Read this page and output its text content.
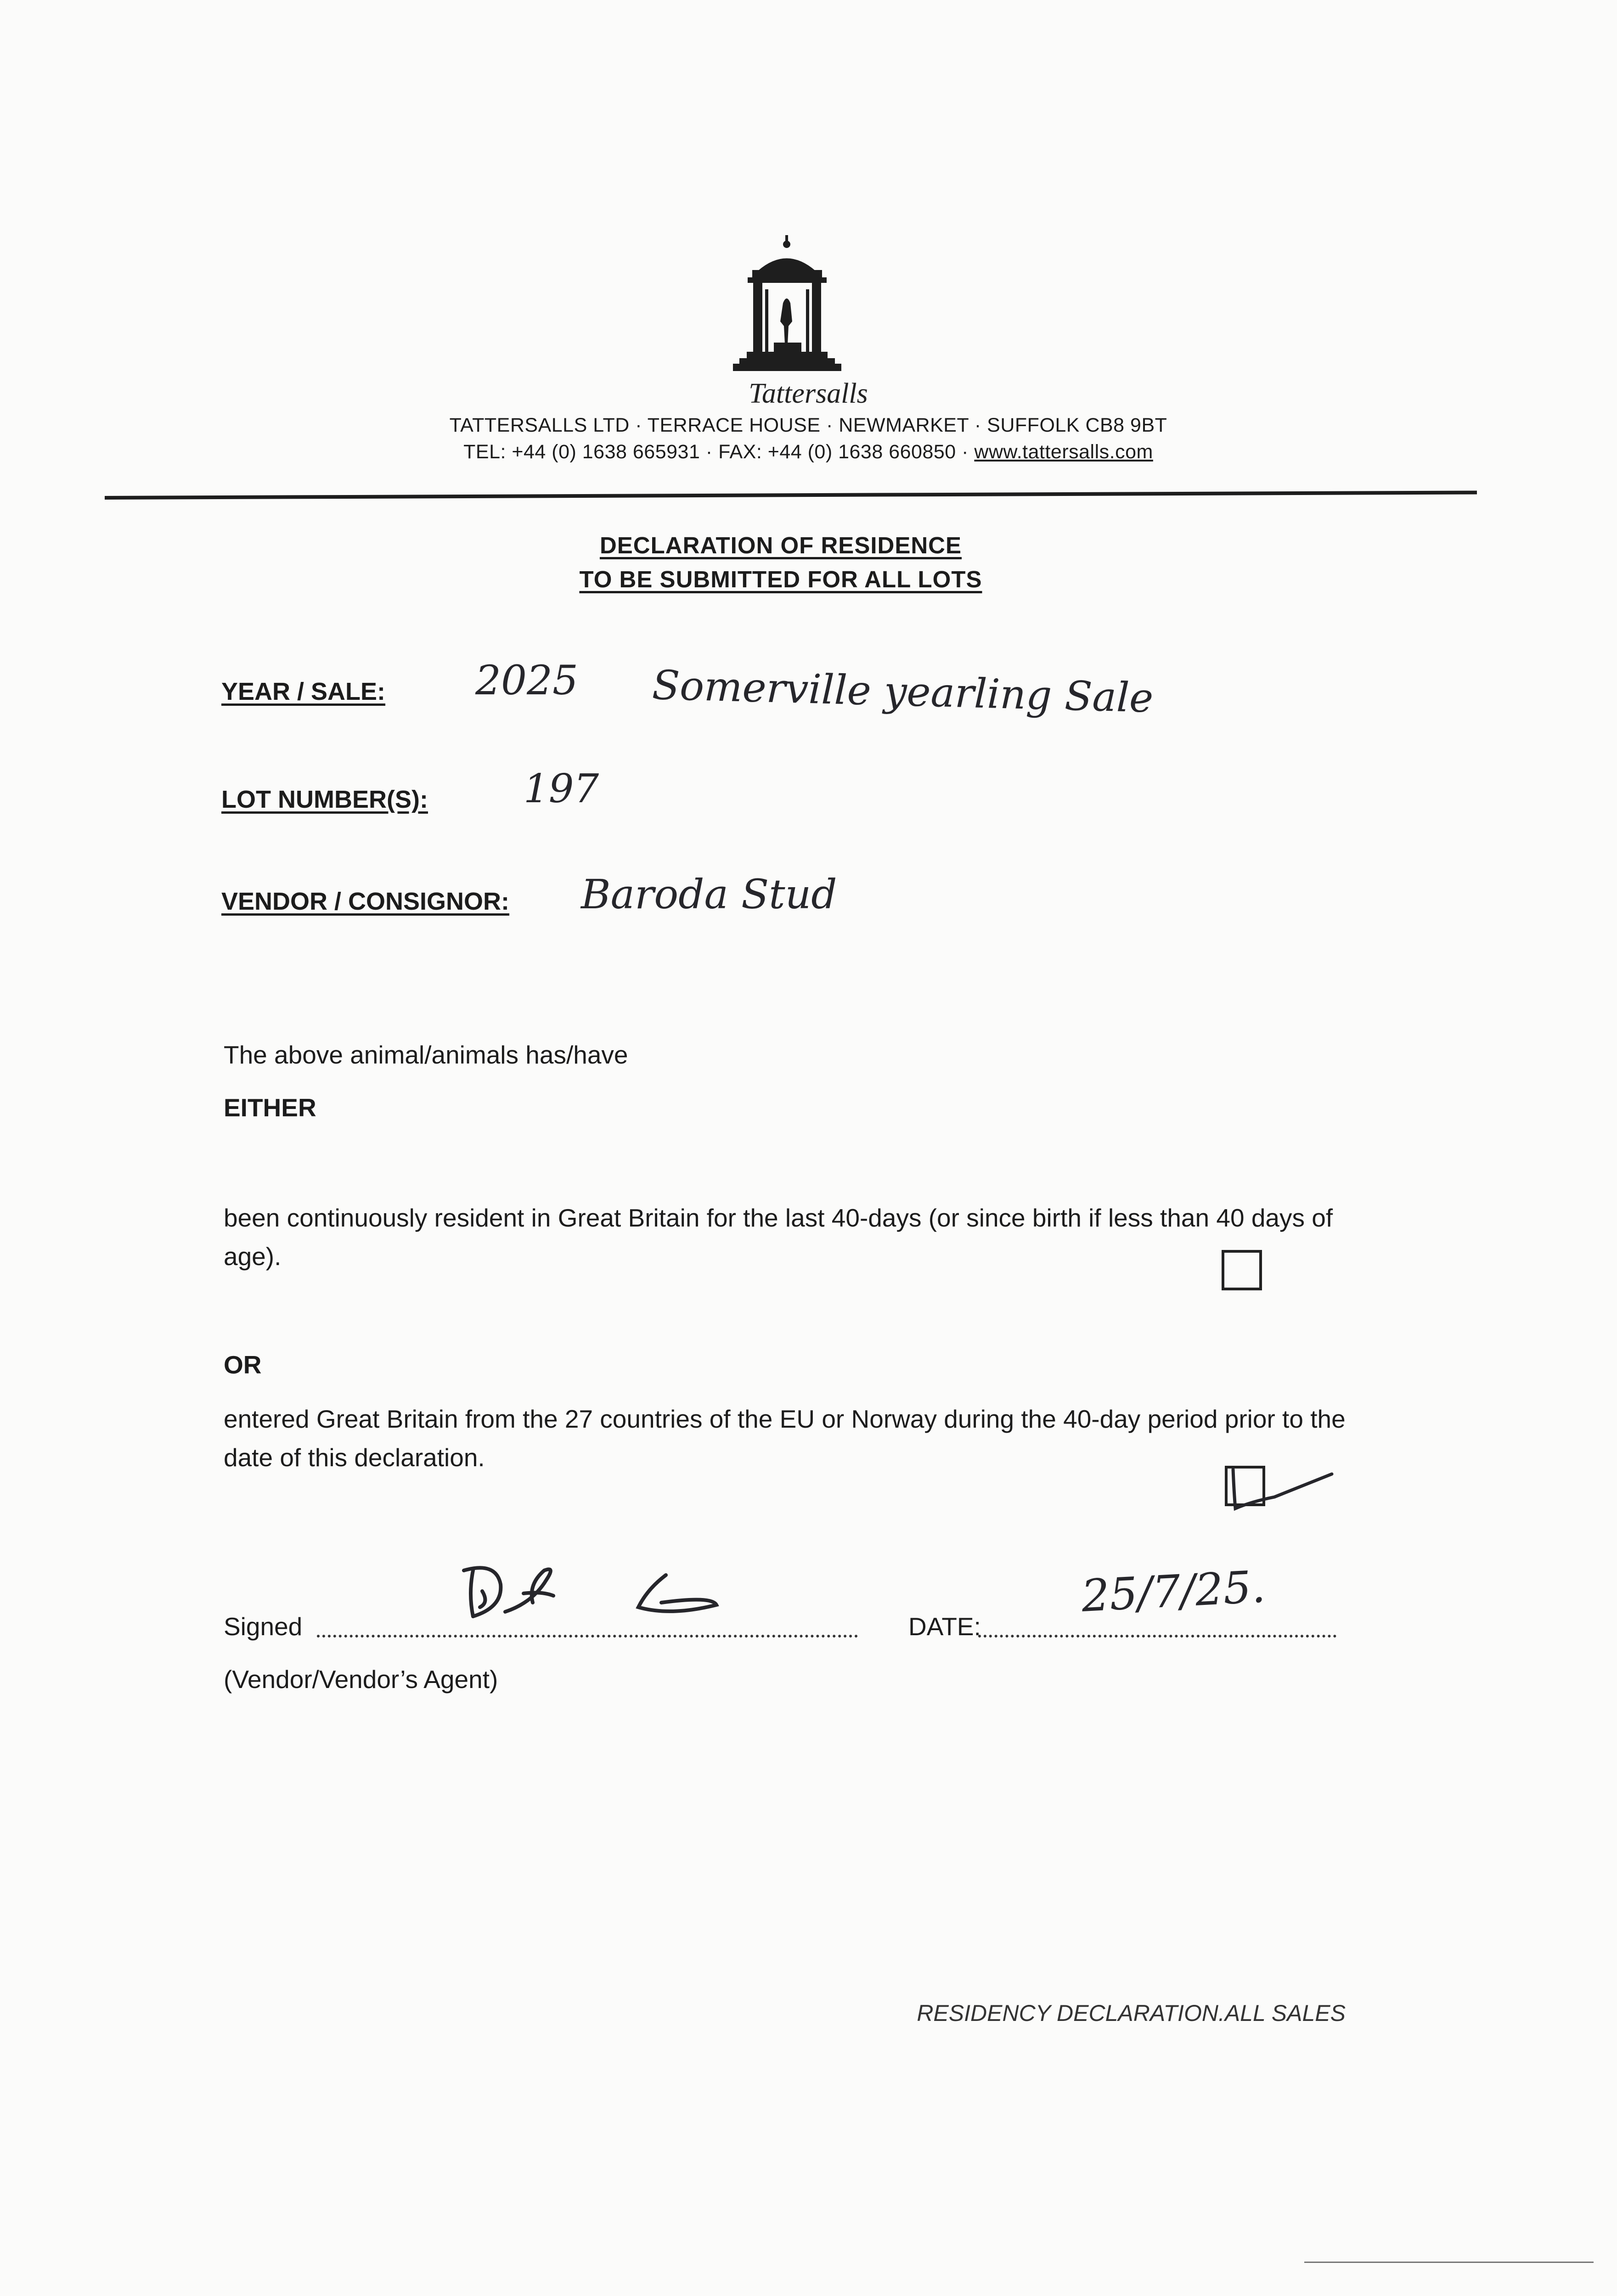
Tattersalls
TATTERSALLS LTD · TERRACE HOUSE · NEWMARKET · SUFFOLK CB8 9BT
TEL: +44 (0) 1638 665931 · FAX: +44 (0) 1638 660850 · www.tattersalls.com
DECLARATION OF RESIDENCE
TO BE SUBMITTED FOR ALL LOTS
YEAR / SALE: 2025 Somerville yearling Sale
LOT NUMBER(S): 197
VENDOR / CONSIGNOR: Baroda Stud
The above animal/animals has/have
EITHER
been continuously resident in Great Britain for the last 40-days (or since birth if less than 40 days of age).
OR
entered Great Britain from the 27 countries of the EU or Norway during the 40-day period prior to the date of this declaration.
Signed	DATE:
25/7/25.
(Vendor/Vendor’s Agent)
RESIDENCY DECLARATION.ALL SALES
